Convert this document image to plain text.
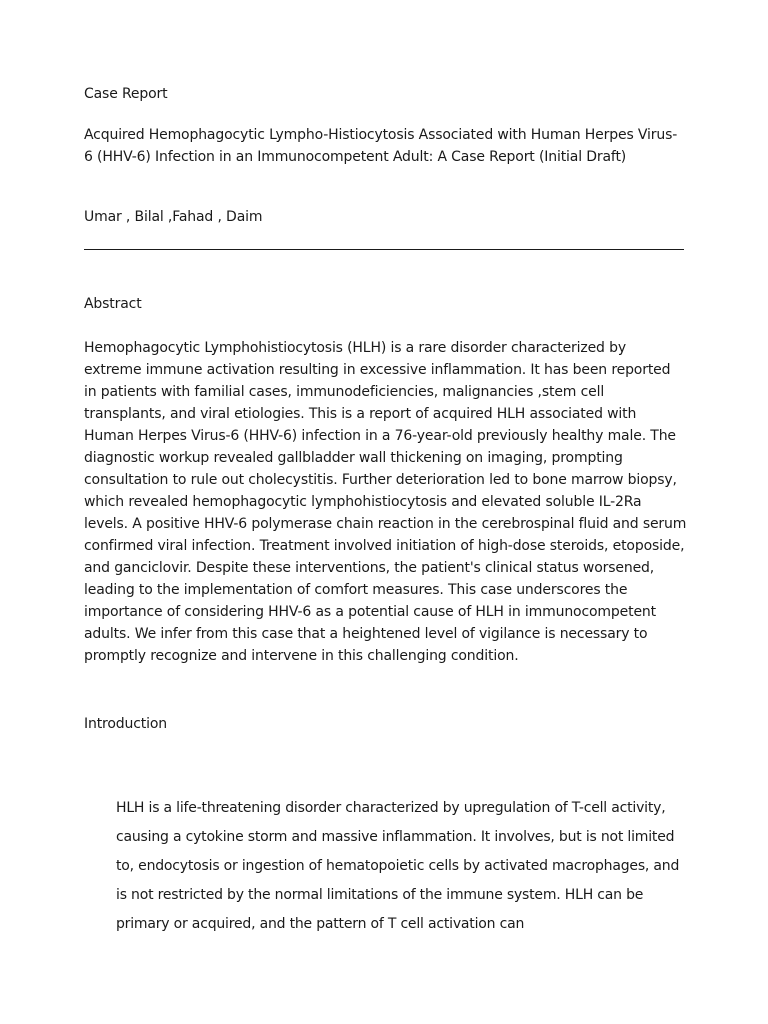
Case Report

Acquired Hemophagocytic Lympho-Histiocytosis Associated with Human Herpes Virus-6 (HHV-6) Infection in an Immunocompetent Adult: A Case Report (Initial Draft)

Umar , Bilal ,Fahad , Daim

Abstract

Hemophagocytic Lymphohistiocytosis (HLH) is a rare disorder characterized by extreme immune activation resulting in excessive inflammation. It has been reported in patients with familial cases, immunodeficiencies, malignancies ,stem cell transplants, and viral etiologies. This is a report of acquired HLH associated with Human Herpes Virus-6 (HHV-6) infection in a 76-year-old previously healthy male. The diagnostic workup revealed gallbladder wall thickening on imaging, prompting consultation to rule out cholecystitis. Further deterioration led to bone marrow biopsy, which revealed hemophagocytic lymphohistiocytosis and elevated soluble IL-2Ra levels. A positive HHV-6 polymerase chain reaction in the cerebrospinal fluid and serum confirmed viral infection. Treatment involved initiation of high-dose steroids, etoposide, and ganciclovir. Despite these interventions, the patient's clinical status worsened, leading to the implementation of comfort measures. This case underscores the importance of considering HHV-6 as a potential cause of HLH in immunocompetent adults. We infer from this case that a heightened level of vigilance is necessary to promptly recognize and intervene in this challenging condition.

Introduction

HLH is a life-threatening disorder characterized by upregulation of T-cell activity, causing a cytokine storm and massive inflammation. It involves, but is not limited to, endocytosis or ingestion of hematopoietic cells by activated macrophages, and is not restricted by the normal limitations of the immune system. HLH can be primary or acquired, and the pattern of T cell activation can
